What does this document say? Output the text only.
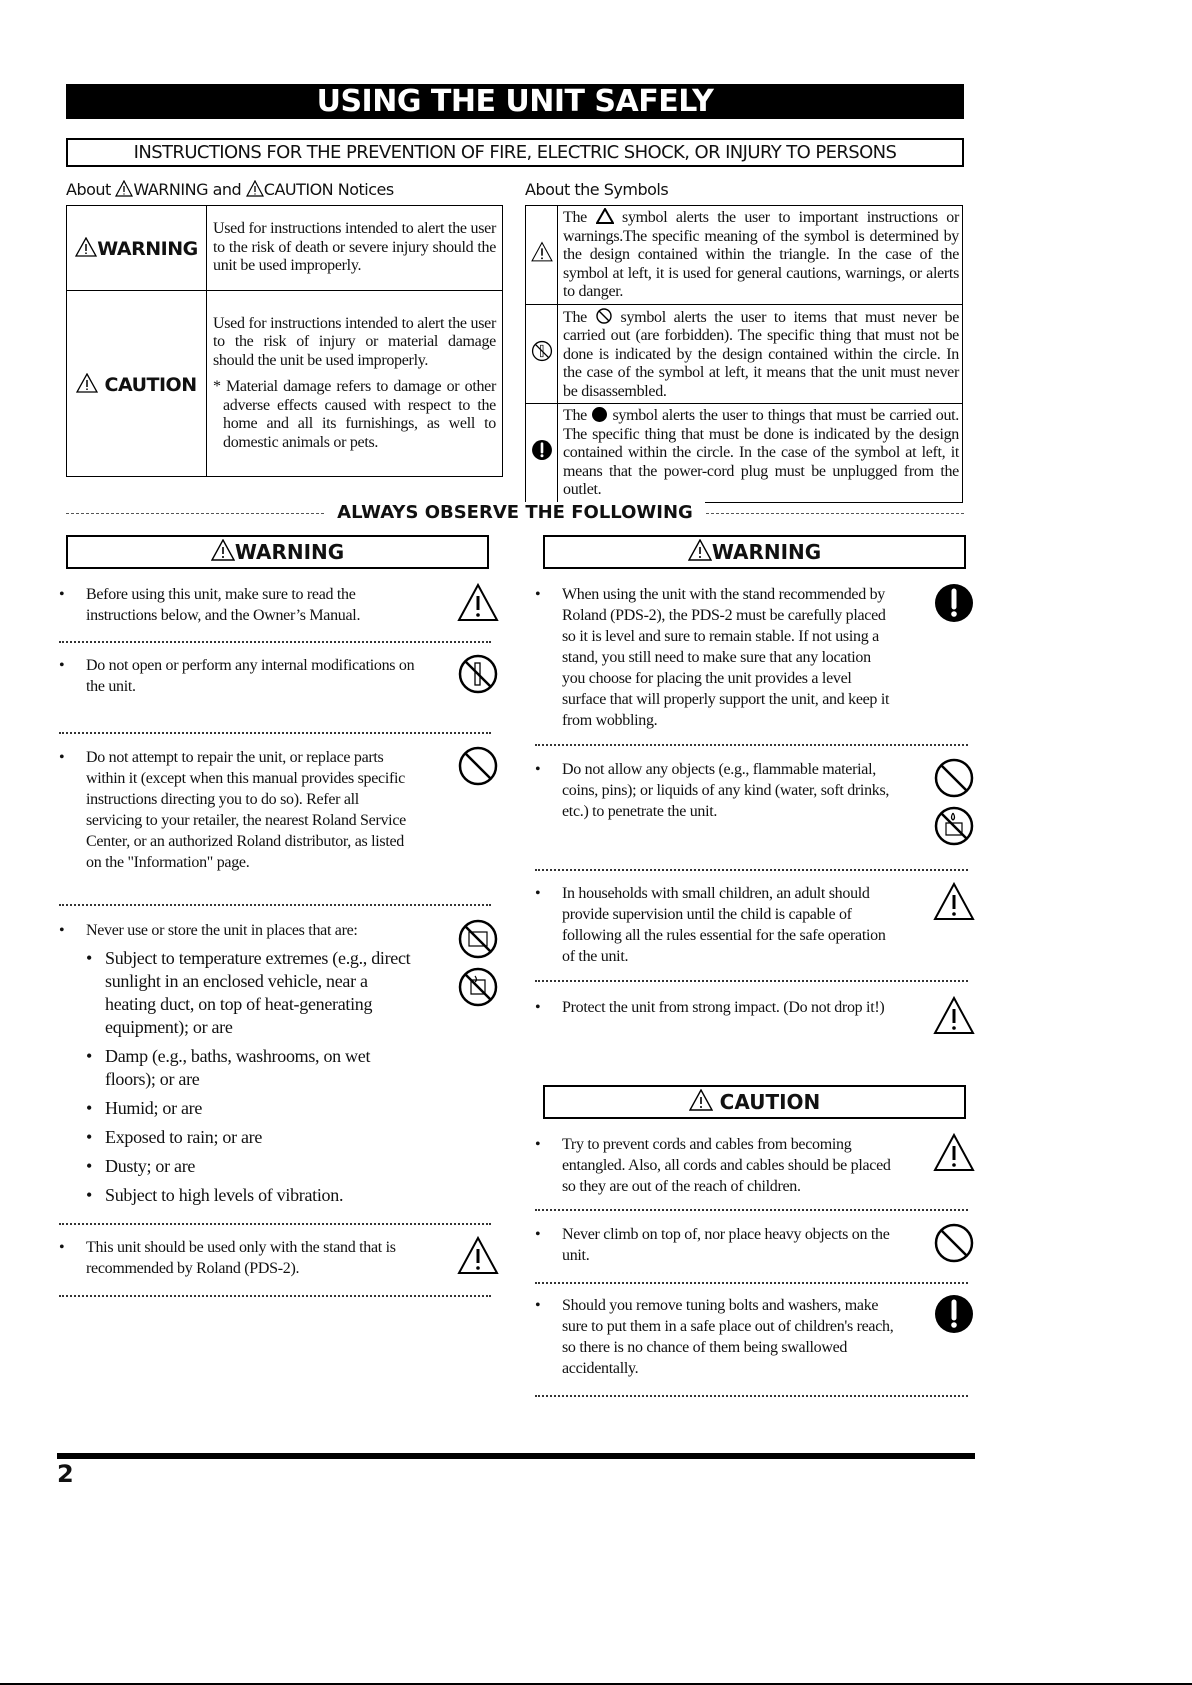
USING THE UNIT SAFELY
INSTRUCTIONS FOR THE PREVENTION OF FIRE, ELECTRIC SHOCK, OR INJURY TO PERSONS
About WARNING and CAUTION Notices
WARNING	Used for instructions intended to alert the user to the risk of death or severe injury should the unit be used improperly.
CAUTION	Used for instructions intended to alert the user to the risk of injury or material damage should the unit be used improperly.
* Material damage refers to damage or other adverse effects caused with respect to the home and all its furnishings, as well to domestic animals or pets.
About the Symbols
	The symbol alerts the user to important instructions or warnings.The specific meaning of the symbol is determined by the design contained within the triangle. In the case of the symbol at left, it is used for general cautions, warnings, or alerts to danger.
	The symbol alerts the user to items that must never be carried out (are forbidden). The specific thing that must not be done is indicated by the design contained within the circle. In the case of the symbol at left, it means that the unit must never be disassembled.
	The symbol alerts the user to things that must be carried out. The specific thing that must be done is indicated by the design contained within the circle. In the case of the symbol at left, it means that the power-cord plug must be unplugged from the outlet.
ALWAYS OBSERVE THE FOLLOWING
WARNING	WARNING
CAUTION
• Before using this unit, make sure to read the instructions below, and the Owner’s Manual.
• Do not open or perform any internal modifications on the unit.
• Do not attempt to repair the unit, or replace parts within it (except when this manual provides specific instructions directing you to do so). Refer all servicing to your retailer, the nearest Roland Service Center, or an authorized Roland distributor, as listed on the "Information" page.
• Never use or store the unit in places that are:
• Subject to temperature extremes (e.g., direct sunlight in an enclosed vehicle, near a heating duct, on top of heat-generating equipment); or are
• Damp (e.g., baths, washrooms, on wet floors); or are
• Humid; or are
• Exposed to rain; or are
• Dusty; or are
• Subject to high levels of vibration.
• This unit should be used only with the stand that is recommended by Roland (PDS-2).
• When using the unit with the stand recommended by Roland (PDS-2), the PDS-2 must be carefully placed so it is level and sure to remain stable. If not using a stand, you still need to make sure that any location you choose for placing the unit provides a level surface that will properly support the unit, and keep it from wobbling.
• Do not allow any objects (e.g., flammable material, coins, pins); or liquids of any kind (water, soft drinks, etc.) to penetrate the unit.
• In households with small children, an adult should provide supervision until the child is capable of following all the rules essential for the safe operation of the unit.
• Protect the unit from strong impact. (Do not drop it!)
• Try to prevent cords and cables from becoming entangled. Also, all cords and cables should be placed so they are out of the reach of children.
• Never climb on top of, nor place heavy objects on the unit.
• Should you remove tuning bolts and washers, make sure to put them in a safe place out of children's reach, so there is no chance of them being swallowed accidentally.
2
